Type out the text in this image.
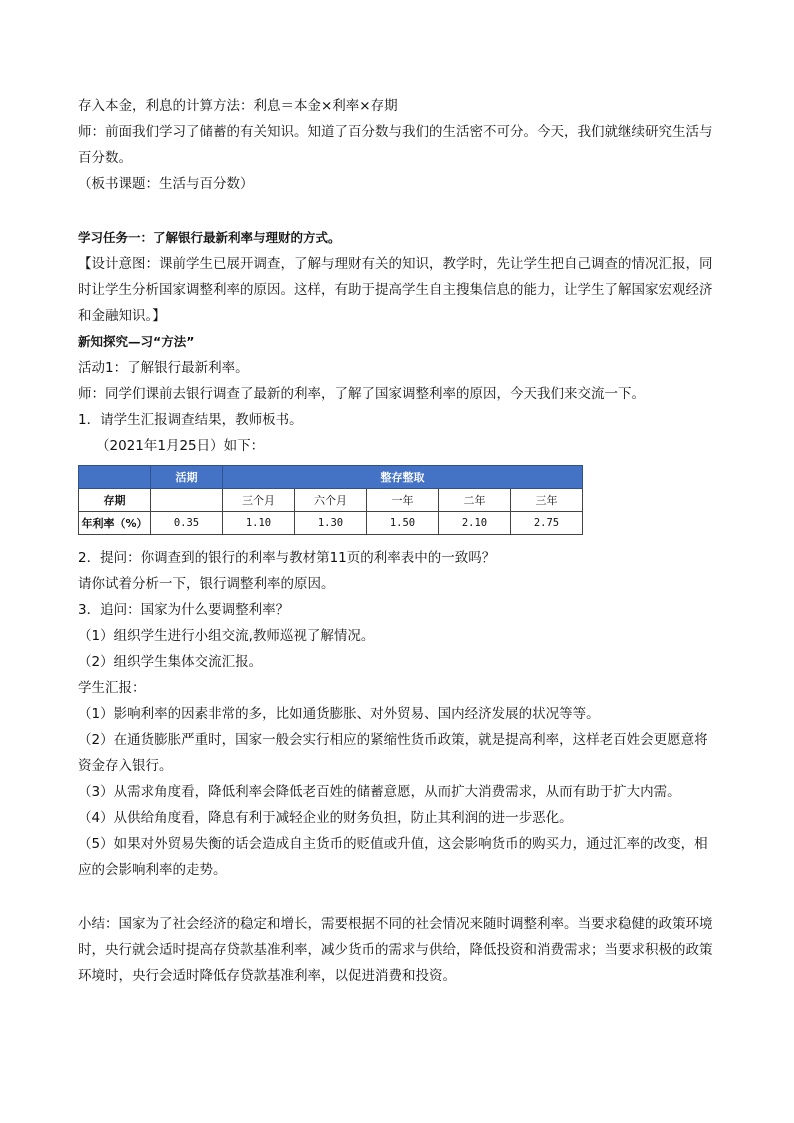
存入本金，利息的计算方法：利息＝本金×利率×存期
师：前面我们学习了储蓄的有关知识。知道了百分数与我们的生活密不可分。今天，我们就继续研究生活与百分数。
（板书课题：生活与百分数）
学习任务一：了解银行最新利率与理财的方式。
【设计意图：课前学生已展开调查，了解与理财有关的知识，教学时，先让学生把自己调查的情况汇报，同时让学生分析国家调整利率的原因。这样，有助于提高学生自主搜集信息的能力，让学生了解国家宏观经济和金融知识。】
新知探究—习“方法”
活动1：了解银行最新利率。
师：同学们课前去银行调查了最新的利率，了解了国家调整利率的原因，今天我们来交流一下。
1．请学生汇报调查结果，教师板书。
（2021年1月25日）如下：
	活期	整存整取				
存期		三个月	六个月	一年	二年	三年
年利率（%）	0.35	1.10	1.30	1.50	2.10	2.75
2．提问：你调查到的银行的利率与教材第11页的利率表中的一致吗？
请你试着分析一下，银行调整利率的原因。
3．追问：国家为什么要调整利率？
（1）组织学生进行小组交流,教师巡视了解情况。
（2）组织学生集体交流汇报。
学生汇报：
（1）影响利率的因素非常的多，比如通货膨胀、对外贸易、国内经济发展的状况等等。
（2）在通货膨胀严重时，国家一般会实行相应的紧缩性货币政策，就是提高利率，这样老百姓会更愿意将资金存入银行。
（3）从需求角度看，降低利率会降低老百姓的储蓄意愿，从而扩大消费需求，从而有助于扩大内需。
（4）从供给角度看，降息有利于减轻企业的财务负担，防止其利润的进一步恶化。
（5）如果对外贸易失衡的话会造成自主货币的贬值或升值，这会影响货币的购买力，通过汇率的改变，相应的会影响利率的走势。
小结：国家为了社会经济的稳定和增长，需要根据不同的社会情况来随时调整利率。当要求稳健的政策环境时，央行就会适时提高存贷款基准利率，减少货币的需求与供给，降低投资和消费需求；当要求积极的政策环境时，央行会适时降低存贷款基准利率，以促进消费和投资。
